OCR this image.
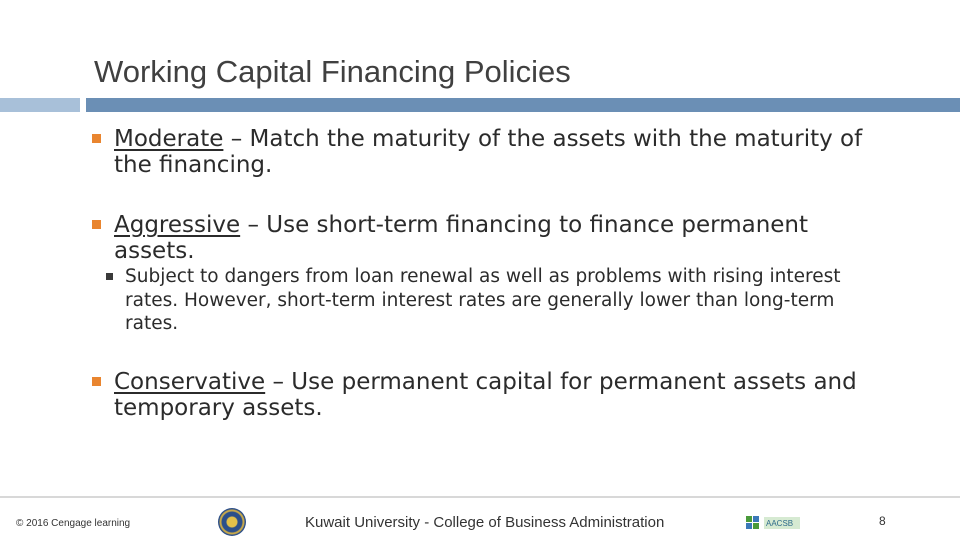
Working Capital Financing Policies
Moderate – Match the maturity of the assets with the maturity of the financing.
Aggressive – Use short-term financing to finance permanent assets.
Subject to dangers from loan renewal as well as problems with rising interest rates. However, short-term interest rates are generally lower than long-term rates.
Conservative – Use permanent capital for permanent assets and temporary assets.
© 2016 Cengage learning	Kuwait University - College of Business Administration	AACSB	8
